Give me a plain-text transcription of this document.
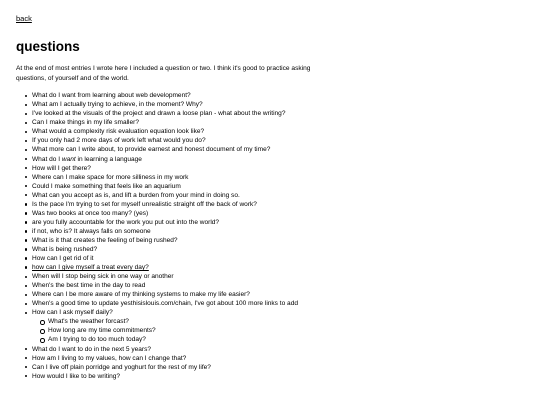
back
questions

At the end of most entries I wrote here I included a question or two. I think it's good to practice asking questions, of yourself and of the world.

What do I want from learning about web development?
What am I actually trying to achieve, in the moment? Why?
I've looked at the visuals of the project and drawn a loose plan - what about the writing?
Can I make things in my life smaller?
What would a complexity risk evaluation equation look like?
If you only had 2 more days of work left what would you do?
What more can I write about, to provide earnest and honest document of my time?
What do I want in learning a language
How will I get there?
Where can I make space for more silliness in my work
Could I make something that feels like an aquarium
What can you accept as is, and lift a burden from your mind in doing so.
Is the pace I'm trying to set for myself unrealistic straight off the back of work?
Was two books at once too many? (yes)
are you fully accountable for the work you put out into the world?
if not, who is? It always falls on someone
What is it that creates the feeling of being rushed?
What is being rushed?
How can I get rid of it
how can I give myself a treat every day?
When will I stop being sick in one way or another
When's the best time in the day to read
Where can I be more aware of my thinking systems to make my life easier?
When's a good time to update yesthisislouis.com/chain, I've got about 100 more links to add
How can I ask myself daily?
What's the weather forcast?
How long are my time commitments?
Am I trying to do too much today?
What do I want to do in the next 5 years?
How am I living to my values, how can I change that?
Can I live off plain porridge and yoghurt for the rest of my life?
How would I like to be writing?
